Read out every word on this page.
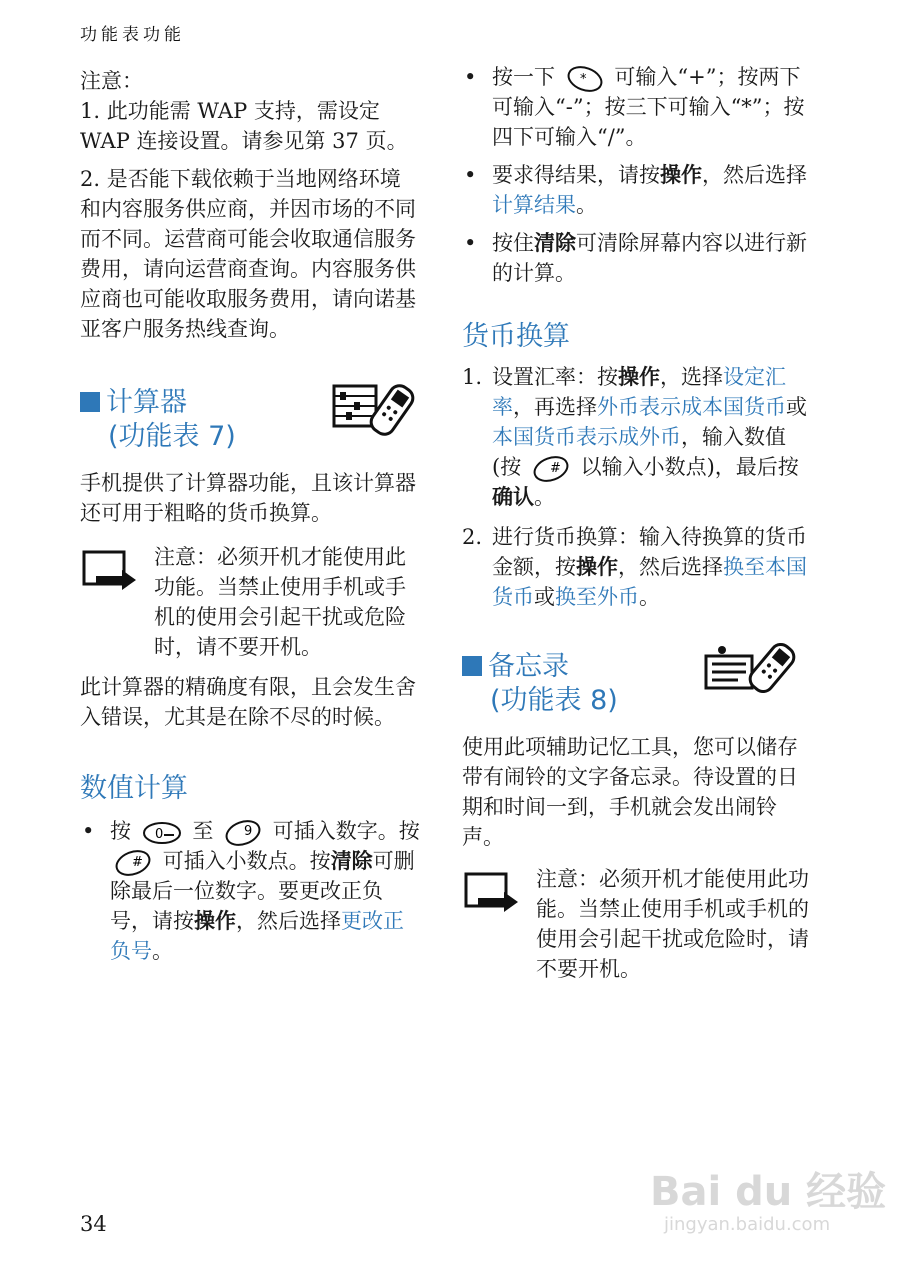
功能表功能

注意：

1. 此功能需 WAP 支持，需设定 WAP 连接设置。请参见第 37 页。

2. 是否能下载依赖于当地网络环境和内容服务供应商，并因市场的不同而不同。运营商可能会收取通信服务费用，请向运营商查询。内容服务供应商也可能收取服务费用，请向诺基亚客户服务热线查询。

计算器
(功能表 7)

手机提供了计算器功能，且该计算器还可用于粗略的货币换算。

注意：必须开机才能使用此功能。当禁止使用手机或手机的使用会引起干扰或危险时，请不要开机。

此计算器的精确度有限，且会发生舍入错误，尤其是在除不尽的时候。

数值计算
• 按 0 至 9 可插入数字。按
# 可插入小数点。按清除可删除最后一位数字。要更改正负号，请按操作，然后选择更改正负号。
• 按一下 * 可输入“+”；按两下可输入“-”；按三下可输入“*”；按四下可输入“/”。
• 要求得结果，请按操作，然后选择计算结果。
• 按住清除可清除屏幕内容以进行新的计算。
货币换算
1. 设置汇率：按操作，选择设定汇率，再选择外币表示成本国货币或本国货币表示成外币，输入数值 (按 # 以输入小数点)，最后按确认。
2. 进行货币换算：输入待换算的货币金额，按操作，然后选择换至本国货币或换至外币。
备忘录
(功能表 8)

使用此项辅助记忆工具，您可以储存带有闹铃的文字备忘录。待设置的日期和时间一到，手机就会发出闹铃声。

注意：必须开机才能使用此功能。当禁止使用手机或手机的使用会引起干扰或危险时，请不要开机。

34
Bai du 经验
jingyan.baidu.com
